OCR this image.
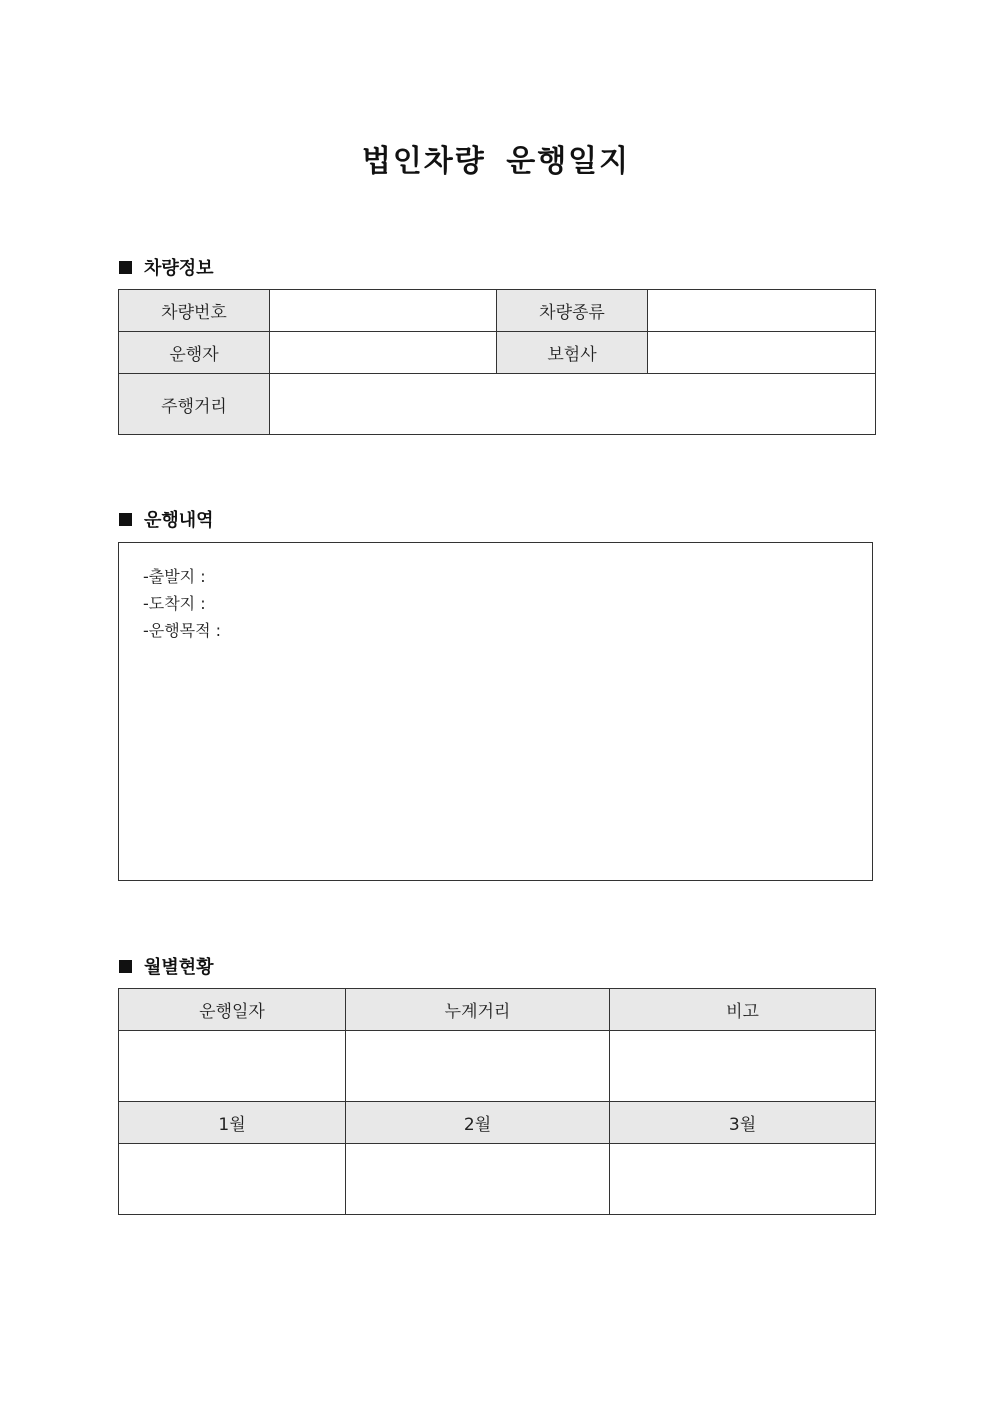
법인차량 운행일지
차량정보
차량번호		차량종류	
운행자		보험사	
주행거리			
운행내역
-출발지 :
-도착지 :
-운행목적 :
월별현황
운행일자	누계거리	비고

1월	2월	3월
